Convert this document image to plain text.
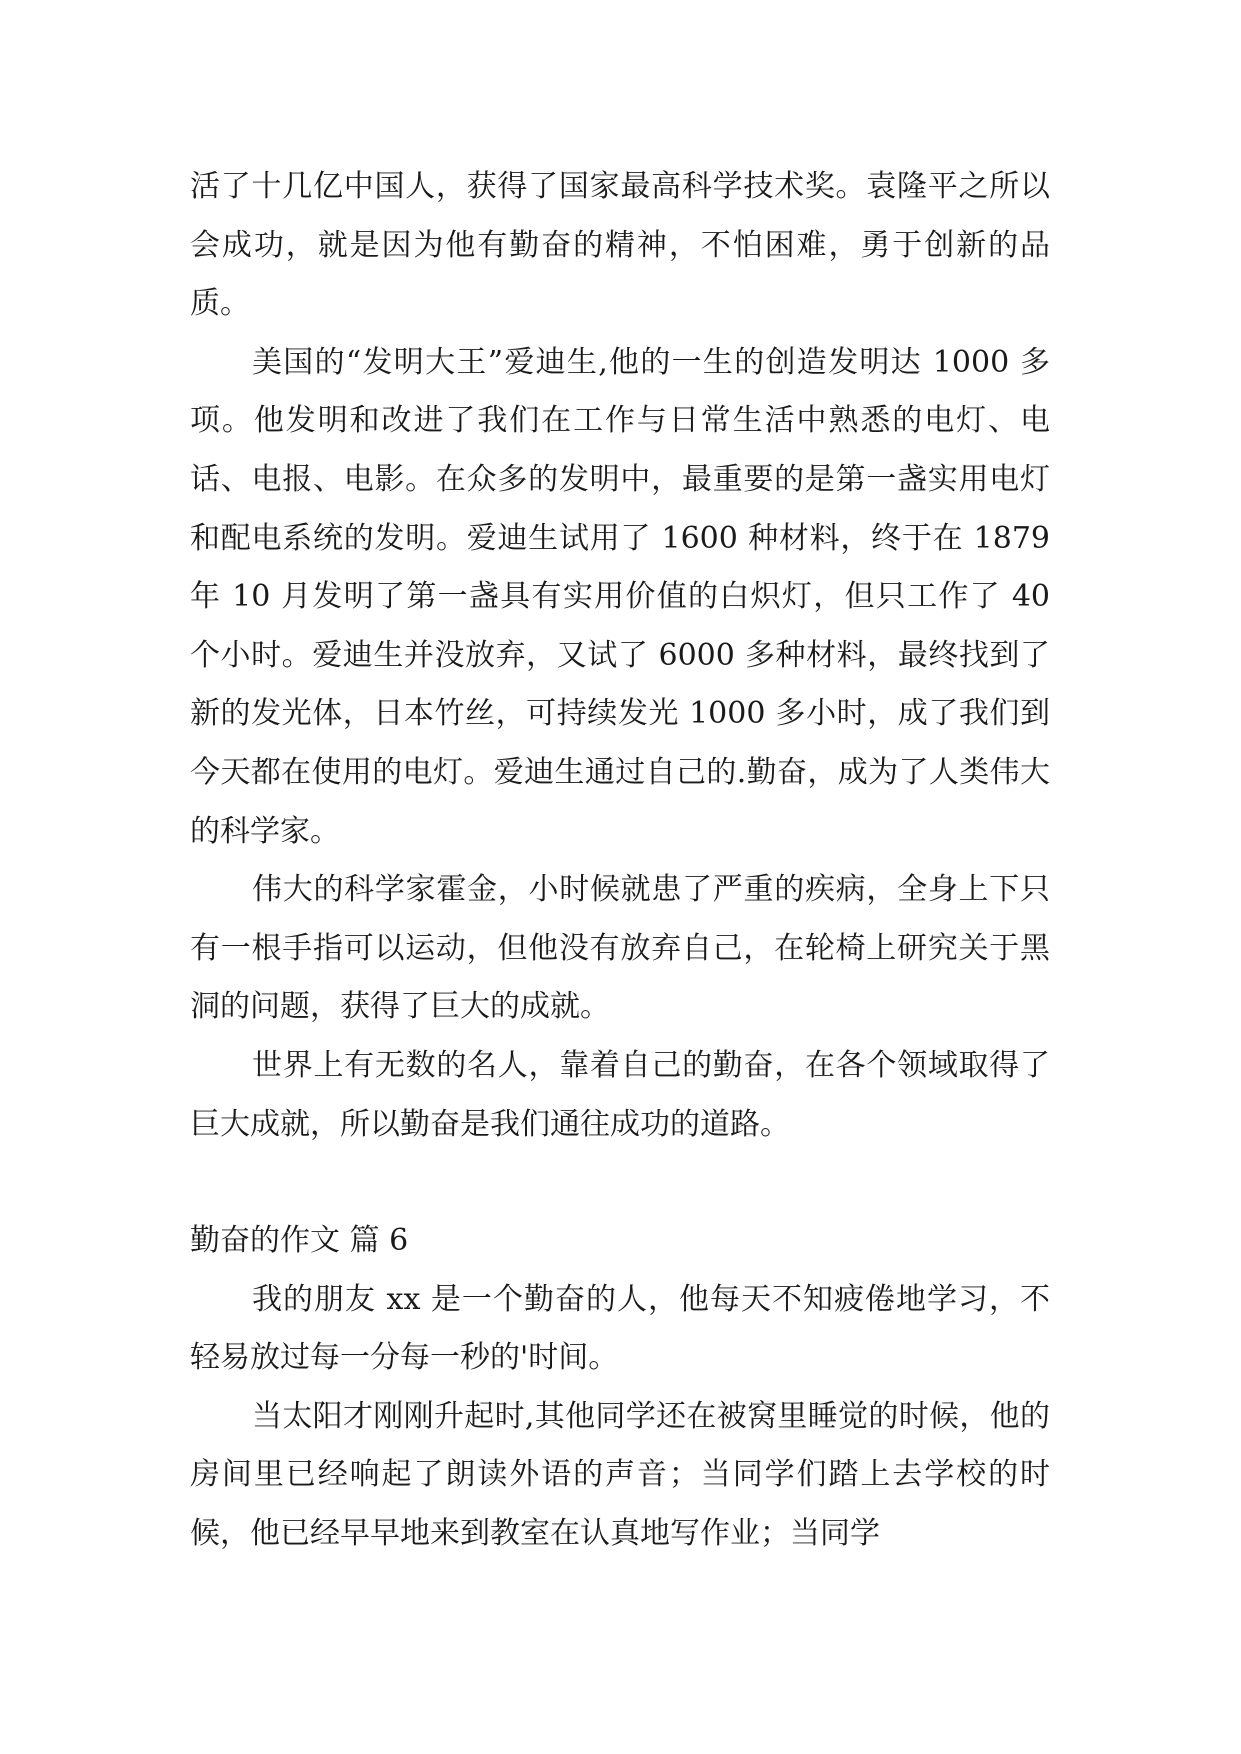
活了十几亿中国人，获得了国家最高科学技术奖。袁隆平之所以会成功，就是因为他有勤奋的精神，不怕困难，勇于创新的品质。

美国的“发明大王”爱迪生,他的一生的创造发明达 1000 多项。他发明和改进了我们在工作与日常生活中熟悉的电灯、电话、电报、电影。在众多的发明中，最重要的是第一盏实用电灯和配电系统的发明。爱迪生试用了 1600 种材料，终于在 1879 年 10 月发明了第一盏具有实用价值的白炽灯，但只工作了 40 个小时。爱迪生并没放弃，又试了 6000 多种材料，最终找到了新的发光体，日本竹丝，可持续发光 1000 多小时，成了我们到今天都在使用的电灯。爱迪生通过自己的.勤奋，成为了人类伟大的科学家。

伟大的科学家霍金，小时候就患了严重的疾病，全身上下只有一根手指可以运动，但他没有放弃自己，在轮椅上研究关于黑洞的问题，获得了巨大的成就。

世界上有无数的名人，靠着自己的勤奋，在各个领域取得了巨大成就，所以勤奋是我们通往成功的道路。

勤奋的作文 篇 6

我的朋友 xx 是一个勤奋的人，他每天不知疲倦地学习，不轻易放过每一分每一秒的'时间。

当太阳才刚刚升起时,其他同学还在被窝里睡觉的时候，他的房间里已经响起了朗读外语的声音；当同学们踏上去学校的时候，他已经早早地来到教室在认真地写作业；当同学
